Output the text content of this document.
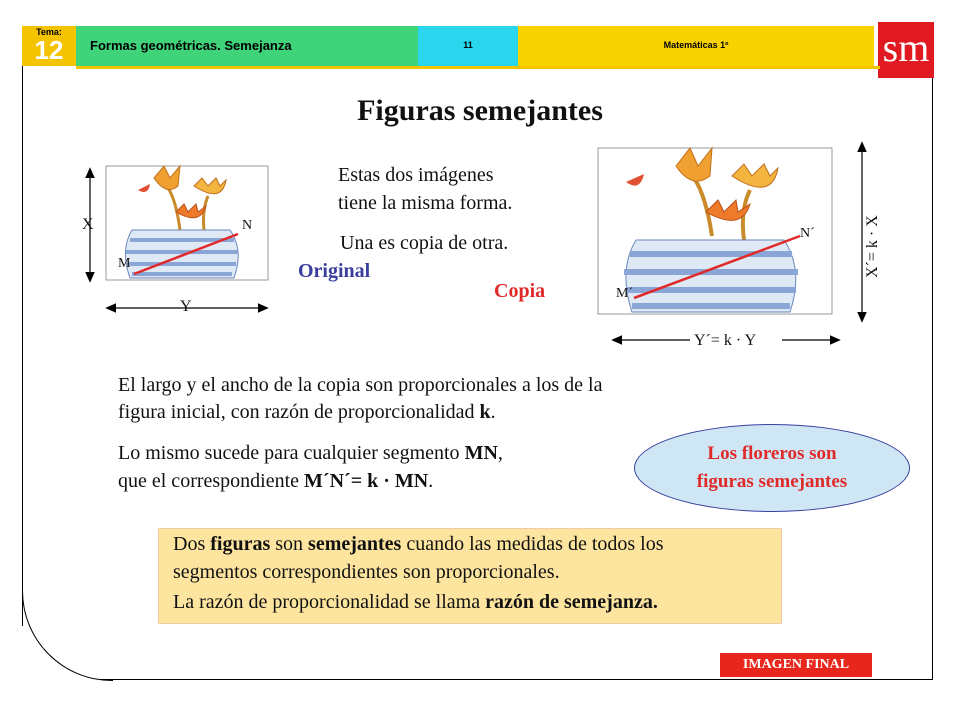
Tema:
12	Formas geométricas. Semejanza	11	Matemáticas 1º	sm
Figuras semejantes
X
Y
M
N
Estas dos imágenes
tiene la misma forma.
Una es copia de otra.
Original
Copia
N´
M´
Y´= k · Y
X´= k · X
El largo y el ancho de la copia son proporcionales a los de la
figura inicial, con razón de proporcionalidad k.
Lo mismo sucede para cualquier segmento MN,
que el correspondiente M´N´= k · MN.
Los floreros son
figuras semejantes
Dos figuras son semejantes cuando las medidas de todos los
segmentos correspondientes son proporcionales.
La razón de proporcionalidad se llama razón de semejanza.
IMAGEN FINAL
